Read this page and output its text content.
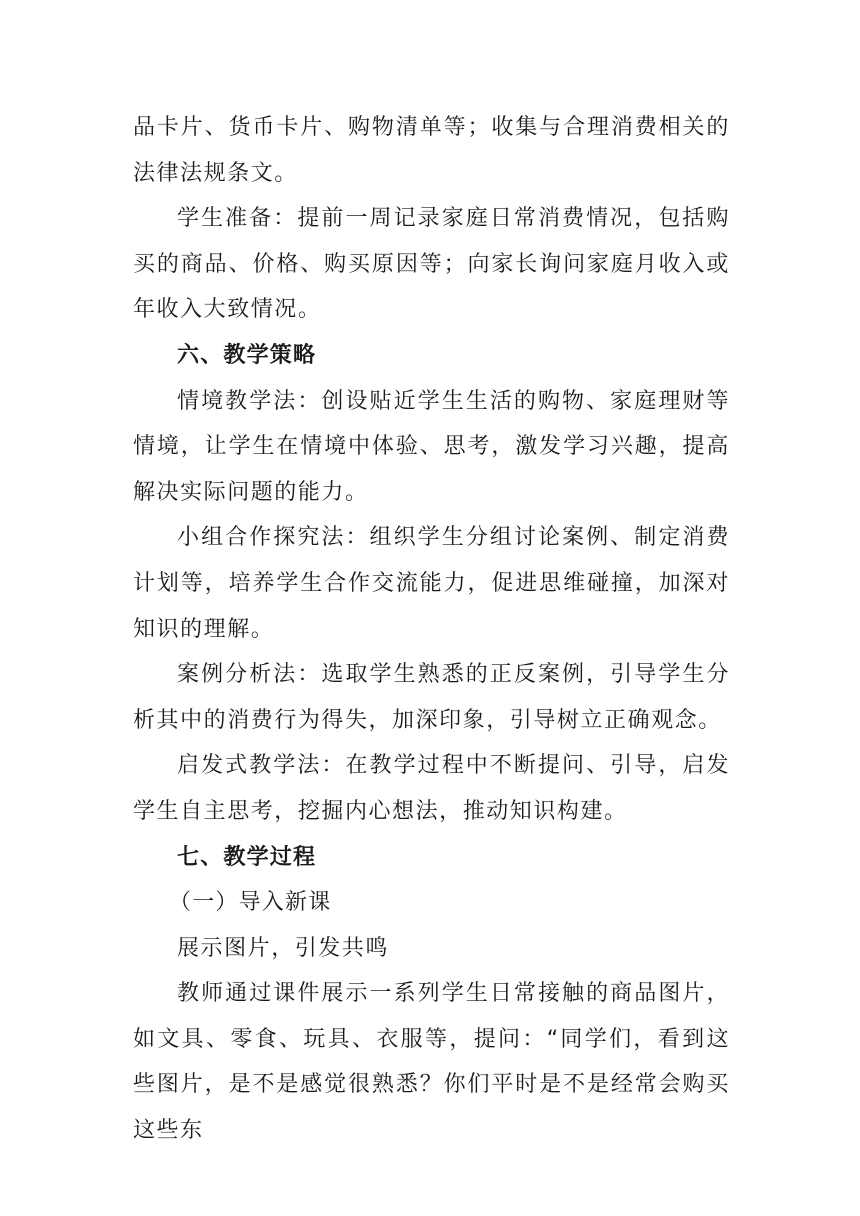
品卡片、货币卡片、购物清单等；收集与合理消费相关的法律法规条文。

学生准备：提前一周记录家庭日常消费情况，包括购买的商品、价格、购买原因等；向家长询问家庭月收入或年收入大致情况。

六、教学策略

情境教学法：创设贴近学生生活的购物、家庭理财等情境，让学生在情境中体验、思考，激发学习兴趣，提高解决实际问题的能力。

小组合作探究法：组织学生分组讨论案例、制定消费计划等，培养学生合作交流能力，促进思维碰撞，加深对知识的理解。

案例分析法：选取学生熟悉的正反案例，引导学生分析其中的消费行为得失，加深印象，引导树立正确观念。

启发式教学法：在教学过程中不断提问、引导，启发学生自主思考，挖掘内心想法，推动知识构建。

七、教学过程

（一）导入新课

展示图片，引发共鸣

教师通过课件展示一系列学生日常接触的商品图片，如文具、零食、玩具、衣服等，提问：“同学们，看到这些图片，是不是感觉很熟悉？你们平时是不是经常会购买这些东
